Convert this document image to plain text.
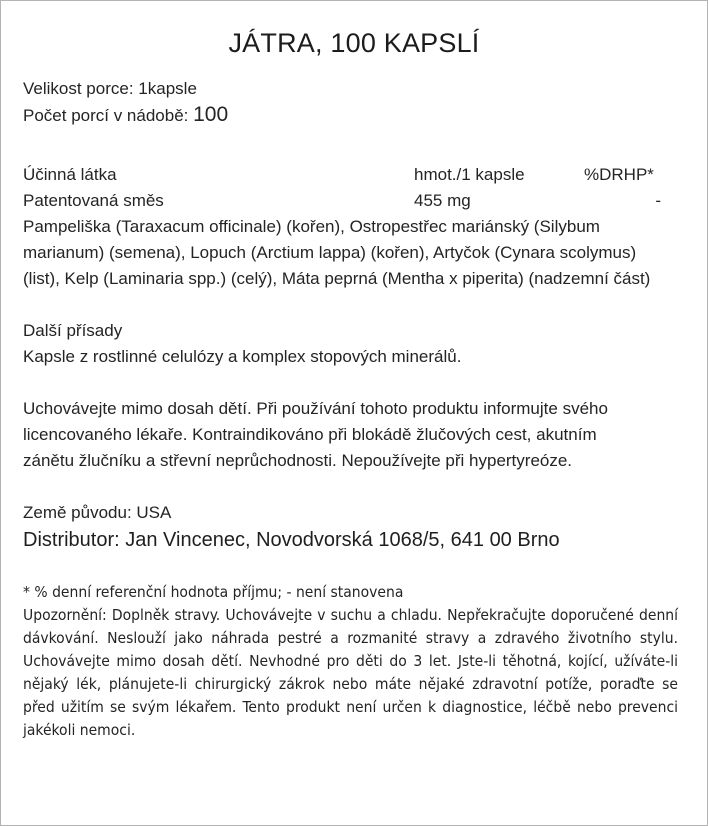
JÁTRA, 100 KAPSLÍ
Velikost porce: 1kapsle
Počet porcí v nádobě: 100
Účinná látka	hmot./1 kapsle	%DRHP*
Patentovaná směs	455 mg	-
Pampeliška (Taraxacum officinale) (kořen), Ostropestřec mariánský (Silybum marianum) (semena), Lopuch (Arctium lappa) (kořen), Artyčok (Cynara scolymus) (list), Kelp (Laminaria spp.) (celý), Máta peprná (Mentha x piperita) (nadzemní část)
Další přísady
Kapsle z rostlinné celulózy a komplex stopových minerálů.

Uchovávejte mimo dosah dětí. Při používání tohoto produktu informujte svého licencovaného lékaře. Kontraindikováno při blokádě žlučových cest, akutním zánětu žlučníku a střevní neprůchodnosti. Nepoužívejte při hypertyreóze.

Země původu: USA
Distributor: Jan Vincenec, Novodvorská 1068/5, 641 00 Brno
* % denní referenční hodnota příjmu; - není stanovena

Upozornění: Doplněk stravy. Uchovávejte v suchu a chladu. Nepřekračujte doporučené denní dávkování. Neslouží jako náhrada pestré a rozmanité stravy a zdravého životního stylu. Uchovávejte mimo dosah dětí. Nevhodné pro děti do 3 let. Jste-li těhotná, kojící, užíváte-li nějaký lék, plánujete-li chirurgický zákrok nebo máte nějaké zdravotní potíže, poraďte se před užitím se svým lékařem. Tento produkt není určen k diagnostice, léčbě nebo prevenci jakékoli nemoci.
